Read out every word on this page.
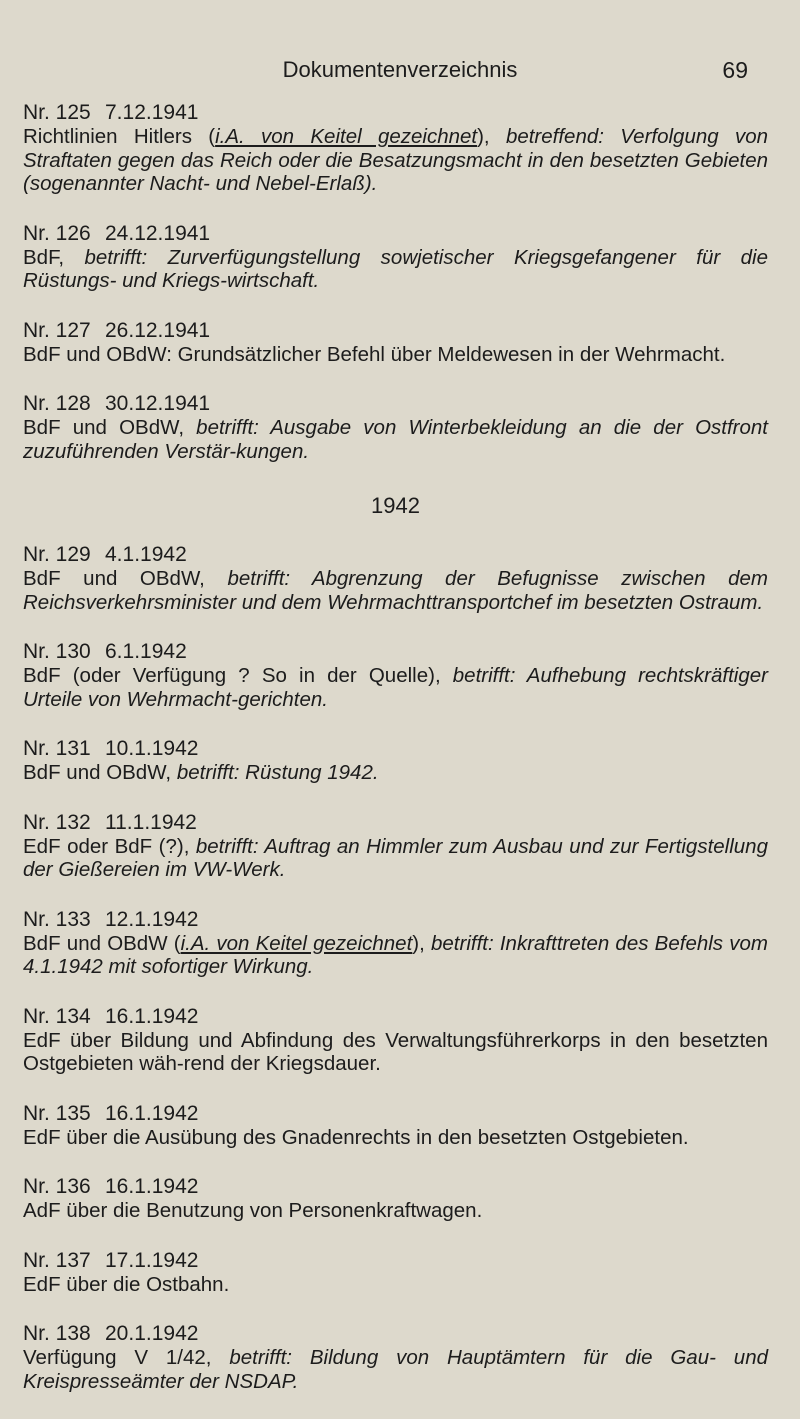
Dokumentenverzeichnis	69
Nr. 125 7.12.1941

Richtlinien Hitlers (i.A. von Keitel gezeichnet), betreffend: Verfolgung von Straftaten gegen das Reich oder die Besatzungsmacht in den besetzten Gebieten (sogenannter Nacht- und Nebel-Erlaß).

Nr. 126 24.12.1941

BdF, betrifft: Zurverfügungstellung sowjetischer Kriegsgefangener für die Rüstungs- und Kriegs-wirtschaft.

Nr. 127 26.12.1941

BdF und OBdW: Grundsätzlicher Befehl über Meldewesen in der Wehrmacht.

Nr. 128 30.12.1941

BdF und OBdW, betrifft: Ausgabe von Winterbekleidung an die der Ostfront zuzuführenden Verstär-kungen.

1942
Nr. 129 4.1.1942

BdF und OBdW, betrifft: Abgrenzung der Befugnisse zwischen dem Reichsverkehrsminister und dem Wehrmachttransportchef im besetzten Ostraum.

Nr. 130 6.1.1942

BdF (oder Verfügung ? So in der Quelle), betrifft: Aufhebung rechtskräftiger Urteile von Wehrmacht-gerichten.

Nr. 131 10.1.1942

BdF und OBdW, betrifft: Rüstung 1942.

Nr. 132 11.1.1942

EdF oder BdF (?), betrifft: Auftrag an Himmler zum Ausbau und zur Fertigstellung der Gießereien im VW-Werk.

Nr. 133 12.1.1942

BdF und OBdW (i.A. von Keitel gezeichnet), betrifft: Inkrafttreten des Befehls vom 4.1.1942 mit sofortiger Wirkung.

Nr. 134 16.1.1942

EdF über Bildung und Abfindung des Verwaltungsführerkorps in den besetzten Ostgebieten wäh-rend der Kriegsdauer.

Nr. 135 16.1.1942

EdF über die Ausübung des Gnadenrechts in den besetzten Ostgebieten.

Nr. 136 16.1.1942

AdF über die Benutzung von Personenkraftwagen.

Nr. 137 17.1.1942

EdF über die Ostbahn.

Nr. 138 20.1.1942

Verfügung V 1/42, betrifft: Bildung von Hauptämtern für die Gau- und Kreispresseämter der NSDAP.
